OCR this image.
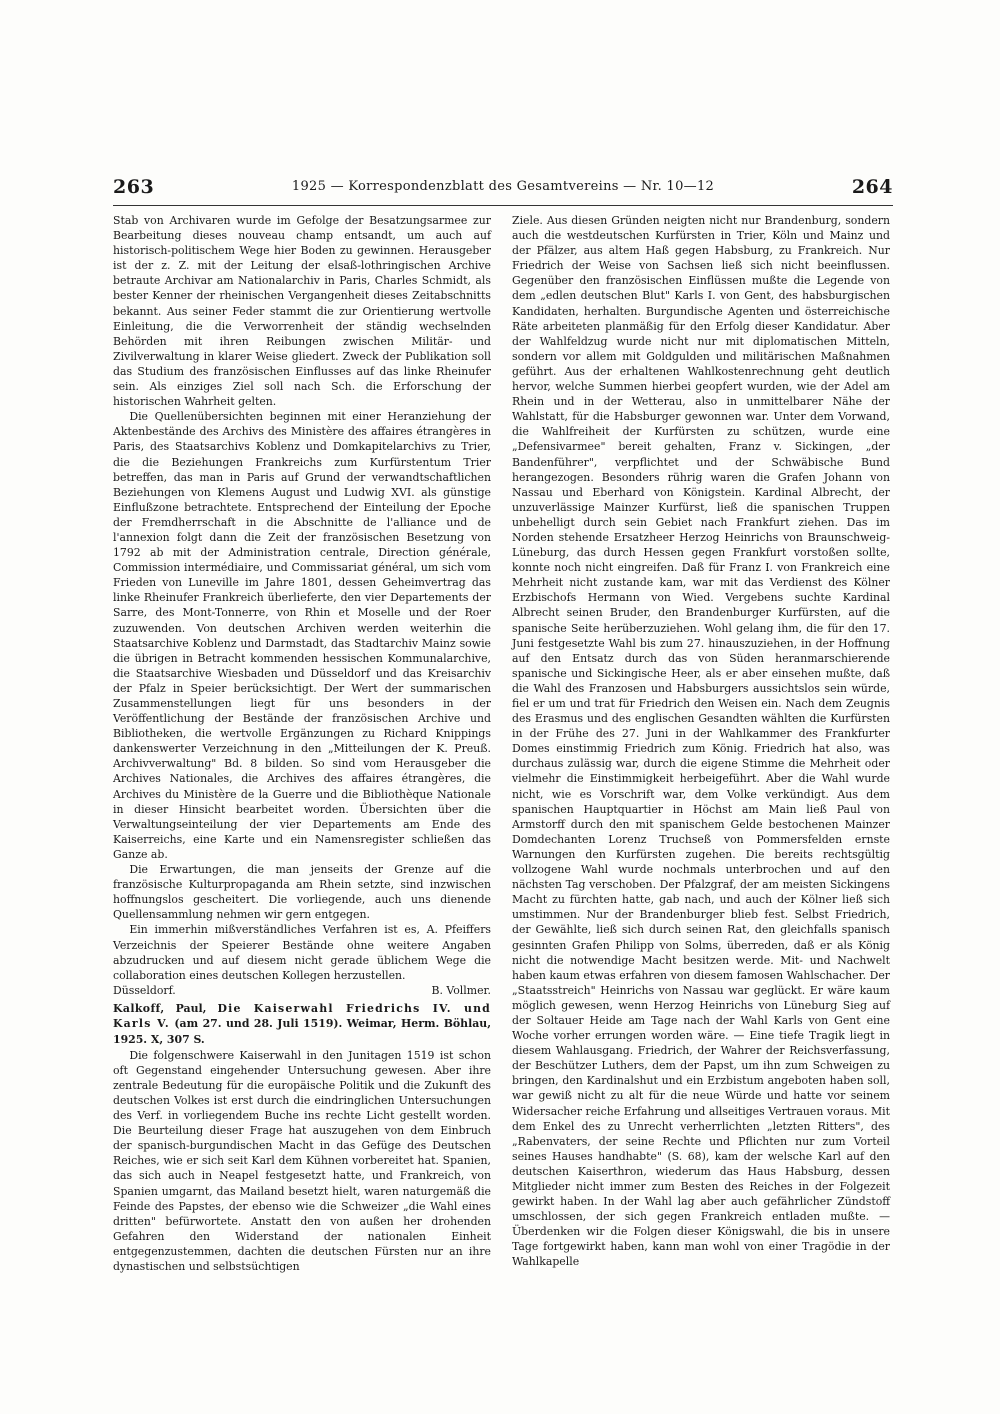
263	1925 — Korrespondenzblatt des Gesamtvereins — Nr. 10—12	264

Stab von Archivaren wurde im Gefolge der Besatzungsarmee zur Bearbeitung dieses nouveau champ entsandt, um auch auf historisch-politischem Wege hier Boden zu gewinnen. Herausgeber ist der z. Z. mit der Leitung der elsaß-lothringischen Archive betraute Archivar am Nationalarchiv in Paris, Charles Schmidt, als bester Kenner der rheinischen Vergangenheit dieses Zeitabschnitts bekannt. Aus seiner Feder stammt die zur Orientierung wertvolle Einleitung, die die Verworrenheit der ständig wechselnden Behörden mit ihren Reibungen zwischen Militär- und Zivilverwaltung in klarer Weise gliedert. Zweck der Publikation soll das Studium des französischen Einflusses auf das linke Rheinufer sein. Als einziges Ziel soll nach Sch. die Erforschung der historischen Wahrheit gelten.

Die Quellenübersichten beginnen mit einer Heranziehung der Aktenbestände des Archivs des Ministère des affaires étrangères in Paris, des Staatsarchivs Koblenz und Domkapitelarchivs zu Trier, die die Beziehungen Frankreichs zum Kurfürstentum Trier betreffen, das man in Paris auf Grund der verwandtschaftlichen Beziehungen von Klemens August und Ludwig XVI. als günstige Einflußzone betrachtete. Entsprechend der Einteilung der Epoche der Fremdherrschaft in die Abschnitte de l'alliance und de l'annexion folgt dann die Zeit der französischen Besetzung von 1792 ab mit der Administration centrale, Direction générale, Commission intermédiaire, und Commissariat général, um sich vom Frieden von Luneville im Jahre 1801, dessen Geheimvertrag das linke Rheinufer Frankreich überlieferte, den vier Departements der Sarre, des Mont-Tonnerre, von Rhin et Moselle und der Roer zuzuwenden. Von deutschen Archiven werden weiterhin die Staatsarchive Koblenz und Darmstadt, das Stadtarchiv Mainz sowie die übrigen in Betracht kommenden hessischen Kommunalarchive, die Staatsarchive Wiesbaden und Düsseldorf und das Kreisarchiv der Pfalz in Speier berücksichtigt. Der Wert der summarischen Zusammenstellungen liegt für uns besonders in der Veröffentlichung der Bestände der französischen Archive und Bibliotheken, die wertvolle Ergänzungen zu Richard Knippings dankenswerter Verzeichnung in den „Mitteilungen der K. Preuß. Archivverwaltung" Bd. 8 bilden. So sind vom Herausgeber die Archives Nationales, die Archives des affaires étrangères, die Archives du Ministère de la Guerre und die Bibliothèque Nationale in dieser Hinsicht bearbeitet worden. Übersichten über die Verwaltungseinteilung der vier Departements am Ende des Kaiserreichs, eine Karte und ein Namensregister schließen das Ganze ab.

Die Erwartungen, die man jenseits der Grenze auf die französische Kulturpropaganda am Rhein setzte, sind inzwischen hoffnungslos gescheitert. Die vorliegende, auch uns dienende Quellensammlung nehmen wir gern entgegen.

Ein immerhin mißverständliches Verfahren ist es, A. Pfeiffers Verzeichnis der Speierer Bestände ohne weitere Angaben abzudrucken und auf diesem nicht gerade üblichem Wege die collaboration eines deutschen Kollegen herzustellen.

Düsseldorf.	B. Vollmer.

Kalkoff, Paul, Die Kaiserwahl Friedrichs IV. und Karls V. (am 27. und 28. Juli 1519). Weimar, Herm. Böhlau, 1925. X, 307 S.

Die folgenschwere Kaiserwahl in den Junitagen 1519 ist schon oft Gegenstand eingehender Untersuchung gewesen. Aber ihre zentrale Bedeutung für die europäische Politik und die Zukunft des deutschen Volkes ist erst durch die eindringlichen Untersuchungen des Verf. in vorliegendem Buche ins rechte Licht gestellt worden. Die Beurteilung dieser Frage hat auszugehen von dem Einbruch der spanisch-burgundischen Macht in das Gefüge des Deutschen Reiches, wie er sich seit Karl dem Kühnen vorbereitet hat. Spanien, das sich auch in Neapel festgesetzt hatte, und Frankreich, von Spanien umgarnt, das Mailand besetzt hielt, waren naturgemäß die Feinde des Papstes, der ebenso wie die Schweizer „die Wahl eines dritten" befürwortete. Anstatt den von außen her drohenden Gefahren den Widerstand der nationalen Einheit entgegenzustemmen, dachten die deutschen Fürsten nur an ihre dynastischen und selbstsüchtigen

Ziele. Aus diesen Gründen neigten nicht nur Brandenburg, sondern auch die westdeutschen Kurfürsten in Trier, Köln und Mainz und der Pfälzer, aus altem Haß gegen Habsburg, zu Frankreich. Nur Friedrich der Weise von Sachsen ließ sich nicht beeinflussen. Gegenüber den französischen Einflüssen mußte die Legende von dem „edlen deutschen Blut" Karls I. von Gent, des habsburgischen Kandidaten, herhalten. Burgundische Agenten und österreichische Räte arbeiteten planmäßig für den Erfolg dieser Kandidatur. Aber der Wahlfeldzug wurde nicht nur mit diplomatischen Mitteln, sondern vor allem mit Goldgulden und militärischen Maßnahmen geführt. Aus der erhaltenen Wahlkostenrechnung geht deutlich hervor, welche Summen hierbei geopfert wurden, wie der Adel am Rhein und in der Wetterau, also in unmittelbarer Nähe der Wahlstatt, für die Habsburger gewonnen war. Unter dem Vorwand, die Wahlfreiheit der Kurfürsten zu schützen, wurde eine „Defensivarmee" bereit gehalten, Franz v. Sickingen, „der Bandenführer", verpflichtet und der Schwäbische Bund herangezogen. Besonders rührig waren die Grafen Johann von Nassau und Eberhard von Königstein. Kardinal Albrecht, der unzuverlässige Mainzer Kurfürst, ließ die spanischen Truppen unbehelligt durch sein Gebiet nach Frankfurt ziehen. Das im Norden stehende Ersatzheer Herzog Heinrichs von Braunschweig-Lüneburg, das durch Hessen gegen Frankfurt vorstoßen sollte, konnte noch nicht eingreifen. Daß für Franz I. von Frankreich eine Mehrheit nicht zustande kam, war mit das Verdienst des Kölner Erzbischofs Hermann von Wied. Vergebens suchte Kardinal Albrecht seinen Bruder, den Brandenburger Kurfürsten, auf die spanische Seite herüberzuziehen. Wohl gelang ihm, die für den 17. Juni festgesetzte Wahl bis zum 27. hinauszuziehen, in der Hoffnung auf den Entsatz durch das von Süden heranmarschierende spanische und Sickingische Heer, als er aber einsehen mußte, daß die Wahl des Franzosen und Habsburgers aussichtslos sein würde, fiel er um und trat für Friedrich den Weisen ein. Nach dem Zeugnis des Erasmus und des englischen Gesandten wählten die Kurfürsten in der Frühe des 27. Juni in der Wahlkammer des Frankfurter Domes einstimmig Friedrich zum König. Friedrich hat also, was durchaus zulässig war, durch die eigene Stimme die Mehrheit oder vielmehr die Einstimmigkeit herbeigeführt. Aber die Wahl wurde nicht, wie es Vorschrift war, dem Volke verkündigt. Aus dem spanischen Hauptquartier in Höchst am Main ließ Paul von Armstorff durch den mit spanischem Gelde bestochenen Mainzer Domdechanten Lorenz Truchseß von Pommersfelden ernste Warnungen den Kurfürsten zugehen. Die bereits rechtsgültig vollzogene Wahl wurde nochmals unterbrochen und auf den nächsten Tag verschoben. Der Pfalzgraf, der am meisten Sickingens Macht zu fürchten hatte, gab nach, und auch der Kölner ließ sich umstimmen. Nur der Brandenburger blieb fest. Selbst Friedrich, der Gewählte, ließ sich durch seinen Rat, den gleichfalls spanisch gesinnten Grafen Philipp von Solms, überreden, daß er als König nicht die notwendige Macht besitzen werde. Mit- und Nachwelt haben kaum etwas erfahren von diesem famosen Wahlschacher. Der „Staatsstreich" Heinrichs von Nassau war geglückt. Er wäre kaum möglich gewesen, wenn Herzog Heinrichs von Lüneburg Sieg auf der Soltauer Heide am Tage nach der Wahl Karls von Gent eine Woche vorher errungen worden wäre. — Eine tiefe Tragik liegt in diesem Wahlausgang. Friedrich, der Wahrer der Reichsverfassung, der Beschützer Luthers, dem der Papst, um ihn zum Schweigen zu bringen, den Kardinalshut und ein Erzbistum angeboten haben soll, war gewiß nicht zu alt für die neue Würde und hatte vor seinem Widersacher reiche Erfahrung und allseitiges Vertrauen voraus. Mit dem Enkel des zu Unrecht verherrlichten „letzten Ritters", des „Rabenvaters, der seine Rechte und Pflichten nur zum Vorteil seines Hauses handhabte" (S. 68), kam der welsche Karl auf den deutschen Kaiserthron, wiederum das Haus Habsburg, dessen Mitglieder nicht immer zum Besten des Reiches in der Folgezeit gewirkt haben. In der Wahl lag aber auch gefährlicher Zündstoff umschlossen, der sich gegen Frankreich entladen mußte. — Überdenken wir die Folgen dieser Königswahl, die bis in unsere Tage fortgewirkt haben, kann man wohl von einer Tragödie in der Wahlkapelle
